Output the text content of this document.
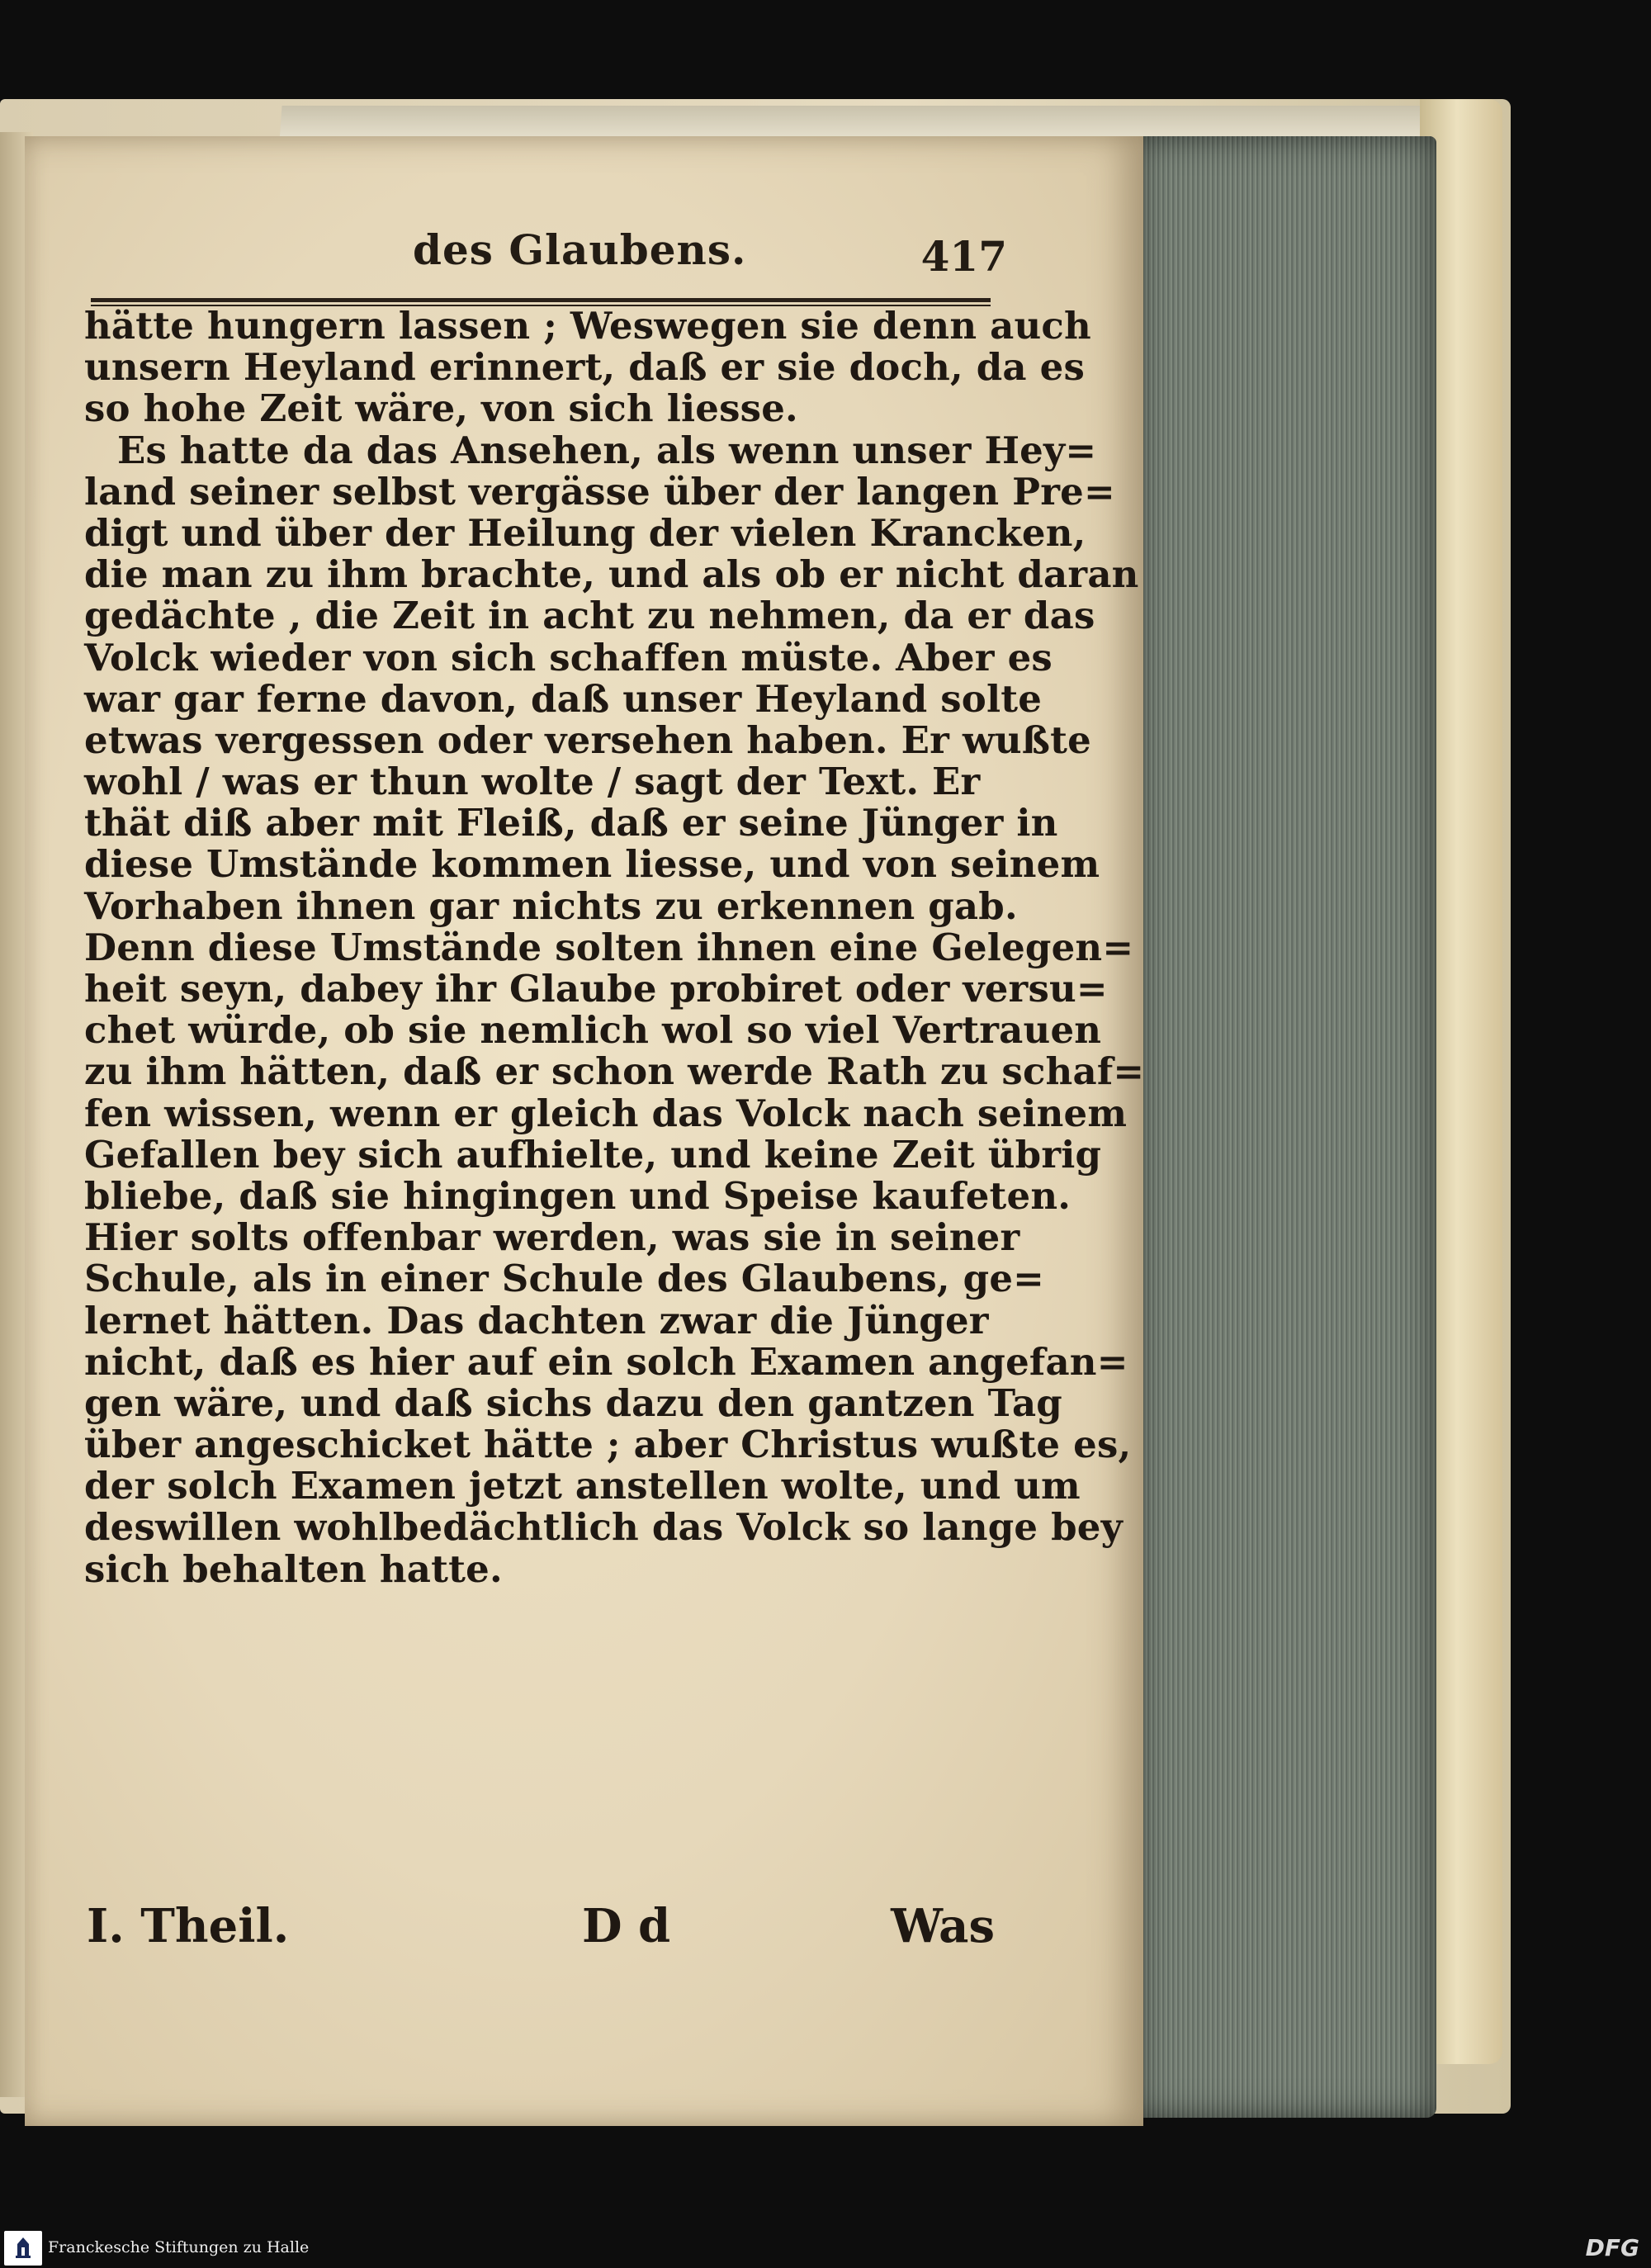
des Glaubens.	417
hätte hungern lassen ; Weswegen sie denn auch
unsern Heyland erinnert, daß er sie doch, da es
so hohe Zeit wäre, von sich liesse.
Es hatte da das Ansehen, als wenn unser Hey=
land seiner selbst vergässe über der langen Pre=
digt und über der Heilung der vielen Krancken,
die man zu ihm brachte, und als ob er nicht daran
gedächte , die Zeit in acht zu nehmen, da er das
Volck wieder von sich schaffen müste. Aber es
war gar ferne davon, daß unser Heyland solte
etwas vergessen oder versehen haben. Er wußte
wohl / was er thun wolte / sagt der Text. Er
thät diß aber mit Fleiß, daß er seine Jünger in
diese Umstände kommen liesse, und von seinem
Vorhaben ihnen gar nichts zu erkennen gab.
Denn diese Umstände solten ihnen eine Gelegen=
heit seyn, dabey ihr Glaube probiret oder versu=
chet würde, ob sie nemlich wol so viel Vertrauen
zu ihm hätten, daß er schon werde Rath zu schaf=
fen wissen, wenn er gleich das Volck nach seinem
Gefallen bey sich aufhielte, und keine Zeit übrig
bliebe, daß sie hingingen und Speise kaufeten.
Hier solts offenbar werden, was sie in seiner
Schule, als in einer Schule des Glaubens, ge=
lernet hätten. Das dachten zwar die Jünger
nicht, daß es hier auf ein solch Examen angefan=
gen wäre, und daß sichs dazu den gantzen Tag
über angeschicket hätte ; aber Christus wußte es,
der solch Examen jetzt anstellen wolte, und um
deswillen wohlbedächtlich das Volck so lange bey
sich behalten hatte.
I. Theil.	D d	Was
Franckesche Stiftungen zu Halle	DFG
